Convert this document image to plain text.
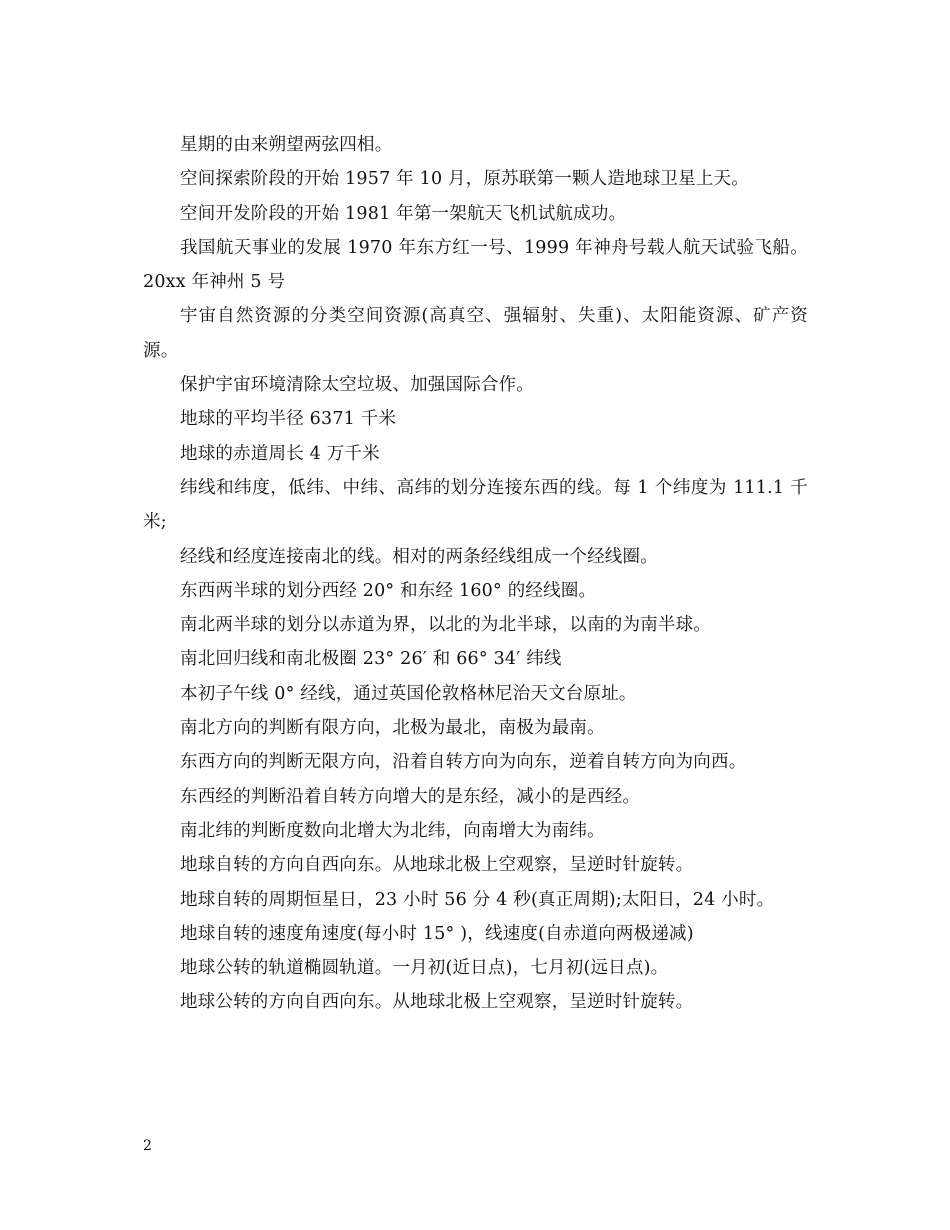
星期的由来朔望两弦四相。

空间探索阶段的开始 1957 年 10 月，原苏联第一颗人造地球卫星上天。

空间开发阶段的开始 1981 年第一架航天飞机试航成功。

我国航天事业的发展 1970 年东方红一号、1999 年神舟号载人航天试验飞船。20xx 年神州 5 号

宇宙自然资源的分类空间资源(高真空、强辐射、失重)、太阳能资源、矿产资源。

保护宇宙环境清除太空垃圾、加强国际合作。

地球的平均半径 6371 千米

地球的赤道周长 4 万千米

纬线和纬度，低纬、中纬、高纬的划分连接东西的线。每 1 个纬度为 111.1 千米;

经线和经度连接南北的线。相对的两条经线组成一个经线圈。

东西两半球的划分西经 20° 和东经 160° 的经线圈。

南北两半球的划分以赤道为界，以北的为北半球，以南的为南半球。

南北回归线和南北极圈 23° 26′ 和 66° 34′ 纬线

本初子午线 0° 经线，通过英国伦敦格林尼治天文台原址。

南北方向的判断有限方向，北极为最北，南极为最南。

东西方向的判断无限方向，沿着自转方向为向东，逆着自转方向为向西。

东西经的判断沿着自转方向增大的是东经，减小的是西经。

南北纬的判断度数向北增大为北纬，向南增大为南纬。

地球自转的方向自西向东。从地球北极上空观察，呈逆时针旋转。

地球自转的周期恒星日，23 小时 56 分 4 秒(真正周期);太阳日，24 小时。

地球自转的速度角速度(每小时 15° )，线速度(自赤道向两极递减)

地球公转的轨道椭圆轨道。一月初(近日点)，七月初(远日点)。

地球公转的方向自西向东。从地球北极上空观察，呈逆时针旋转。

2
